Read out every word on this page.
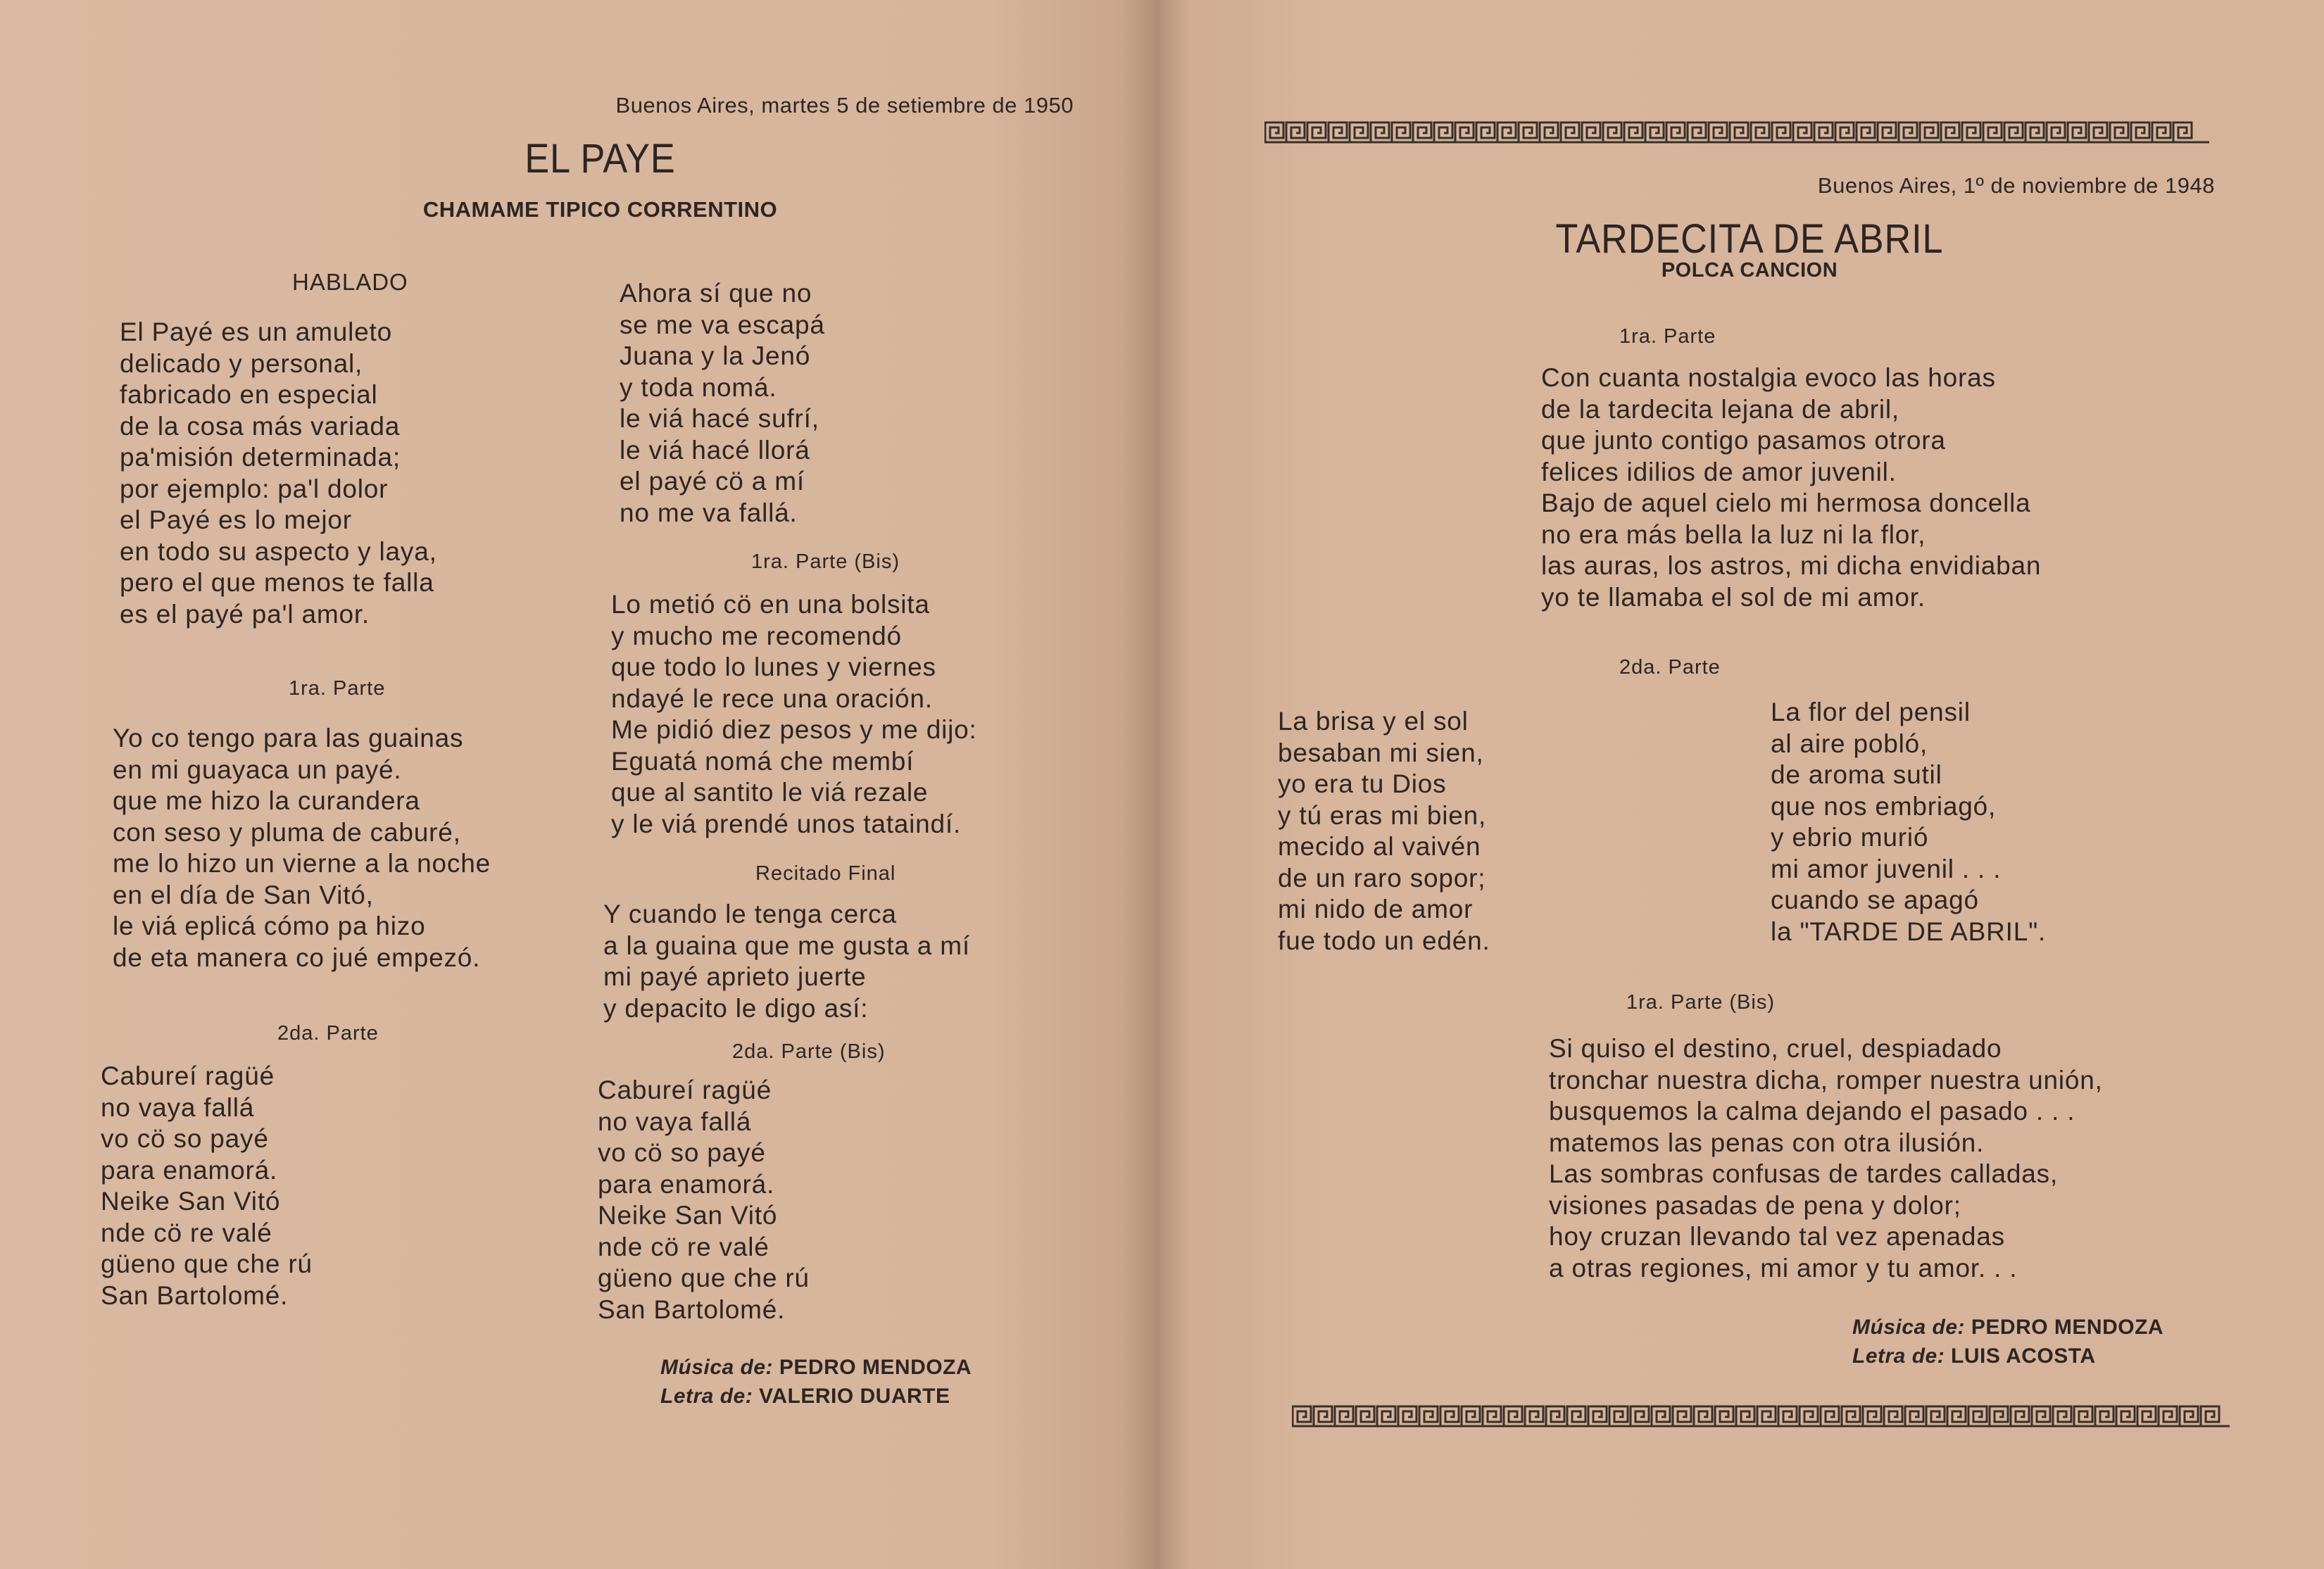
Buenos Aires, martes 5 de setiembre de 1950
EL PAYE
CHAMAME TIPICO CORRENTINO
HABLADO
El Payé es un amuleto
delicado y personal,
fabricado en especial
de la cosa más variada
pa'misión determinada;
por ejemplo: pa'l dolor
el Payé es lo mejor
en todo su aspecto y laya,
pero el que menos te falla
es el payé pa'l amor.
Ahora sí que no
se me va escapá
Juana y la Jenó
y toda nomá.
le viá hacé sufrí,
le viá hacé llorá
el payé cö a mí
no me va fallá.
1ra. Parte
Yo co tengo para las guainas
en mi guayaca un payé.
que me hizo la curandera
con seso y pluma de caburé,
me lo hizo un vierne a la noche
en el día de San Vitó,
le viá eplicá cómo pa hizo
de eta manera co jué empezó.
1ra. Parte (Bis)
Lo metió cö en una bolsita
y mucho me recomendó
que todo lo lunes y viernes
ndayé le rece una oración.
Me pidió diez pesos y me dijo:
Eguatá nomá che membí
que al santito le viá rezale
y le viá prendé unos tataindí.
Recitado Final
Y cuando le tenga cerca
a la guaina que me gusta a mí
mi payé aprieto juerte
y depacito le digo así:
2da. Parte
Cabureí ragüé
no vaya fallá
vo cö so payé
para enamorá.
Neike San Vitó
nde cö re valé
güeno que che rú
San Bartolomé.
2da. Parte (Bis)
Cabureí ragüé
no vaya fallá
vo cö so payé
para enamorá.
Neike San Vitó
nde cö re valé
güeno que che rú
San Bartolomé.
Música de: PEDRO MENDOZA
Letra de: VALERIO DUARTE
Buenos Aires, 1º de noviembre de 1948
TARDECITA DE ABRIL
POLCA CANCION
1ra. Parte
Con cuanta nostalgia evoco las horas
de la tardecita lejana de abril,
que junto contigo pasamos otrora
felices idilios de amor juvenil.
Bajo de aquel cielo mi hermosa doncella
no era más bella la luz ni la flor,
las auras, los astros, mi dicha envidiaban
yo te llamaba el sol de mi amor.
2da. Parte
La brisa y el sol
besaban mi sien,
yo era tu Dios
y tú eras mi bien,
mecido al vaivén
de un raro sopor;
mi nido de amor
fue todo un edén.
La flor del pensil
al aire pobló,
de aroma sutil
que nos embriagó,
y ebrio murió
mi amor juvenil . . .
cuando se apagó
la "TARDE DE ABRIL".
1ra. Parte (Bis)
Si quiso el destino, cruel, despiadado
tronchar nuestra dicha, romper nuestra unión,
busquemos la calma dejando el pasado . . .
matemos las penas con otra ilusión.
Las sombras confusas de tardes calladas,
visiones pasadas de pena y dolor;
hoy cruzan llevando tal vez apenadas
a otras regiones, mi amor y tu amor. . .
Música de: PEDRO MENDOZA
Letra de: LUIS ACOSTA
